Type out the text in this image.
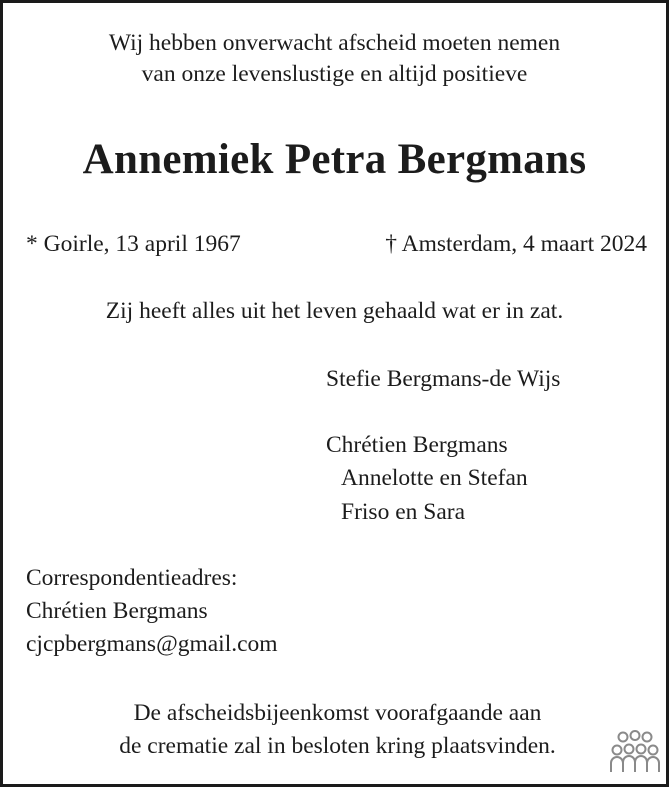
Wij hebben onverwacht afscheid moeten nemen
van onze levenslustige en altijd positieve
Annemiek Petra Bergmans
* Goirle, 13 april 1967	† Amsterdam, 4 maart 2024
Zij heeft alles uit het leven gehaald wat er in zat.
Stefie Bergmans-de Wijs
Chrétien Bergmans
Annelotte en Stefan
Friso en Sara
Correspondentieadres:
Chrétien Bergmans
cjcpbergmans@gmail.com
De afscheidsbijeenkomst voorafgaande aan
de crematie zal in besloten kring plaatsvinden.
